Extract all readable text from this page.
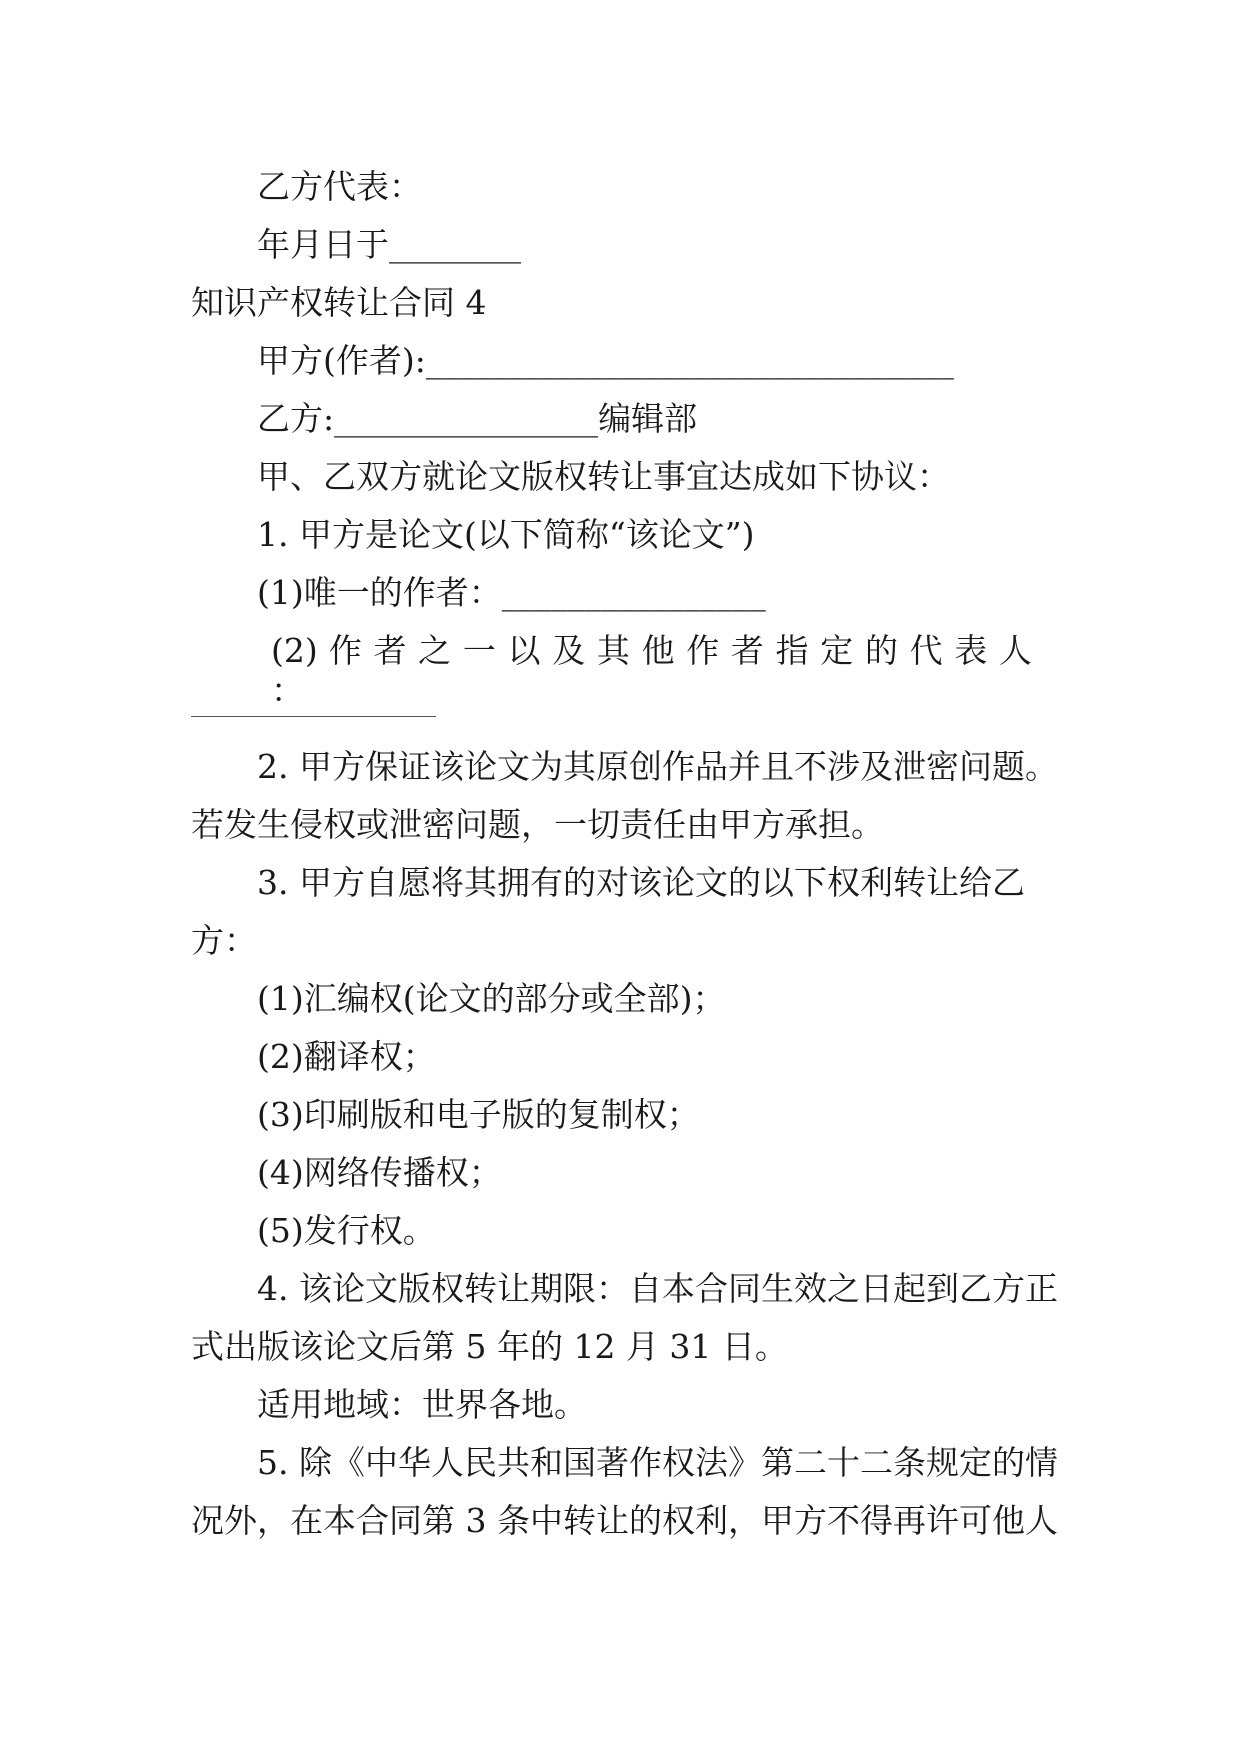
乙方代表：
年月日于________
知识产权转让合同 4
甲方(作者):________________________________
乙方:________________编辑部
甲、乙双方就论文版权转让事宜达成如下协议：
1. 甲方是论文(以下简称“该论文”)
(1)唯一的作者：________________
(2) 作 者 之 一 以 及 其 他 作 者 指 定 的 代 表 人 ：
2. 甲方保证该论文为其原创作品并且不涉及泄密问题。
若发生侵权或泄密问题，一切责任由甲方承担。
3. 甲方自愿将其拥有的对该论文的以下权利转让给乙
方：
(1)汇编权(论文的部分或全部)；
(2)翻译权；
(3)印刷版和电子版的复制权；
(4)网络传播权；
(5)发行权。
4. 该论文版权转让期限：自本合同生效之日起到乙方正
式出版该论文后第 5 年的 12 月 31 日。
适用地域：世界各地。
5. 除《中华人民共和国著作权法》第二十二条规定的情
况外，在本合同第 3 条中转让的权利，甲方不得再许可他人
